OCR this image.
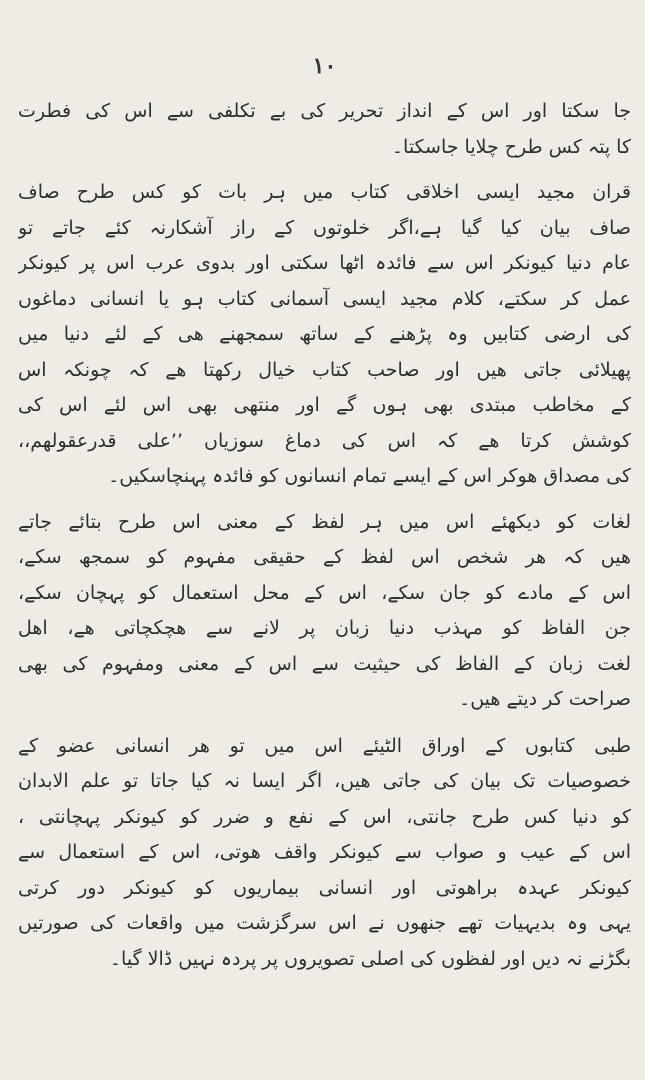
١٠
جا سکتا اور اس کے انداز تحریر کی بے تکلفی سے اس کی فطرت
کا پتہ کس طرح چلایا جاسکتا۔
قران مجید ایسی اخلاقی کتاب میں ہر بات کو کس طرح صاف
صاف بیان کیا گیا ہے،اگر خلوتوں کے راز آشکارنہ کئے جاتے تو
عام دنیا کیونکر اس سے فائدہ اٹھا سکتی اور بدوی عرب اس پر کیونکر
عمل کر سکتے، کلام مجید ایسی آسمانی کتاب ہو یا انسانی دماغوں
کی ارضی کتابیں وہ پڑھنے کے ساتھ سمجھنے ھی کے لئے دنیا میں
پھیلائی جاتی ھیں اور صاحب کتاب خیال رکھتا ھے کہ چونکہ اس
کے مخاطب مبتدی بھی ہوں گے اور منتھی بھی اس لئے اس کی
کوشش کرتا ھے کہ اس کی دماغ سوزیاں ’’علی قدرعقولھم،،
کی مصداق ھوکر اس کے ایسے تمام انسانوں کو فائدہ پہنچاسکیں۔
لغات کو دیکھئے اس میں ہر لفظ کے معنی اس طرح بتائے جاتے
ھیں کہ ھر شخص اس لفظ کے حقیقی مفہوم کو سمجھ سکے،
اس کے مادے کو جان سکے، اس کے محل استعمال کو پہچان سکے،
جن الفاظ کو مہذب دنیا زبان پر لانے سے ھچکچاتی ھے، اھل
لغت زبان کے الفاظ کی حیثیت سے اس کے معنی ومفہوم کی بھی
صراحت کر دیتے ھیں۔
طبی کتابوں کے اوراق الٹیئے اس میں تو ھر انسانی عضو کے
خصوصیات تک بیان کی جاتی ھیں، اگر ایسا نہ کیا جاتا تو علم الابدان
کو دنیا کس طرح جانتی، اس کے نفع و ضرر کو کیونکر پہچانتی ،
اس کے عیب و صواب سے کیونکر واقف ھوتی، اس کے استعمال سے
کیونکر عہدہ براھوتی اور انسانی بیماریوں کو کیونکر دور کرتی
یہی وہ بدیہیات تھے جنھوں نے اس سرگزشت میں واقعات کی صورتیں
بگڑنے نہ دیں اور لفظوں کی اصلی تصویروں پر پردہ نہیں ڈالا گیا۔
